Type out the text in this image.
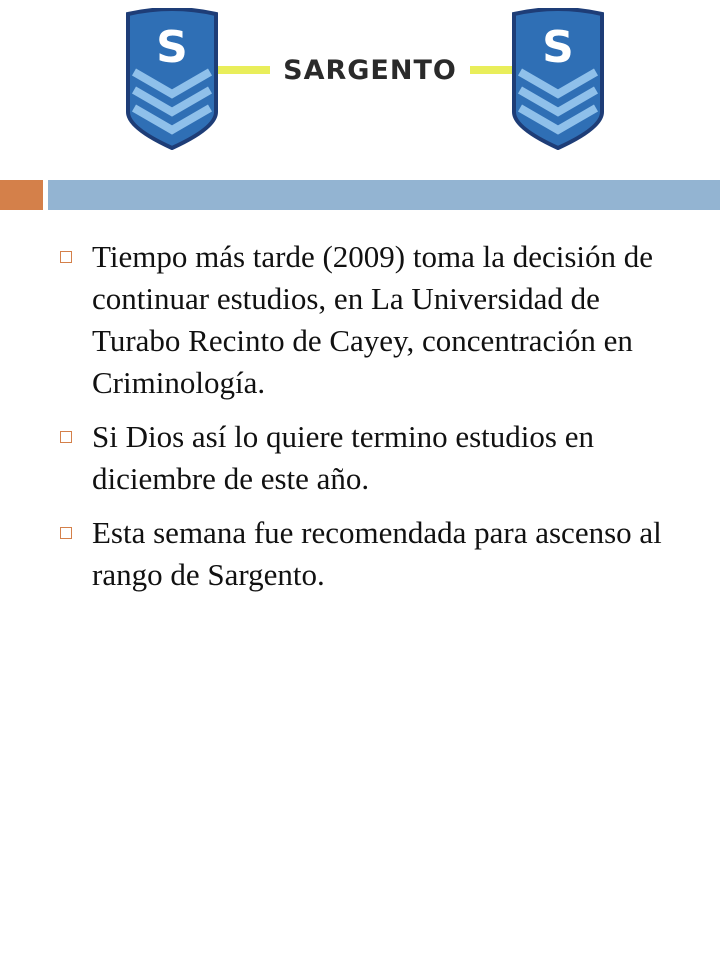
SARGENTO
S	S
Tiempo más tarde (2009) toma la decisión de continuar estudios, en La Universidad de Turabo Recinto de Cayey, concentración en Criminología.
Si Dios así lo quiere termino estudios en diciembre de este año.
Esta semana fue recomendada para ascenso al rango de Sargento.
